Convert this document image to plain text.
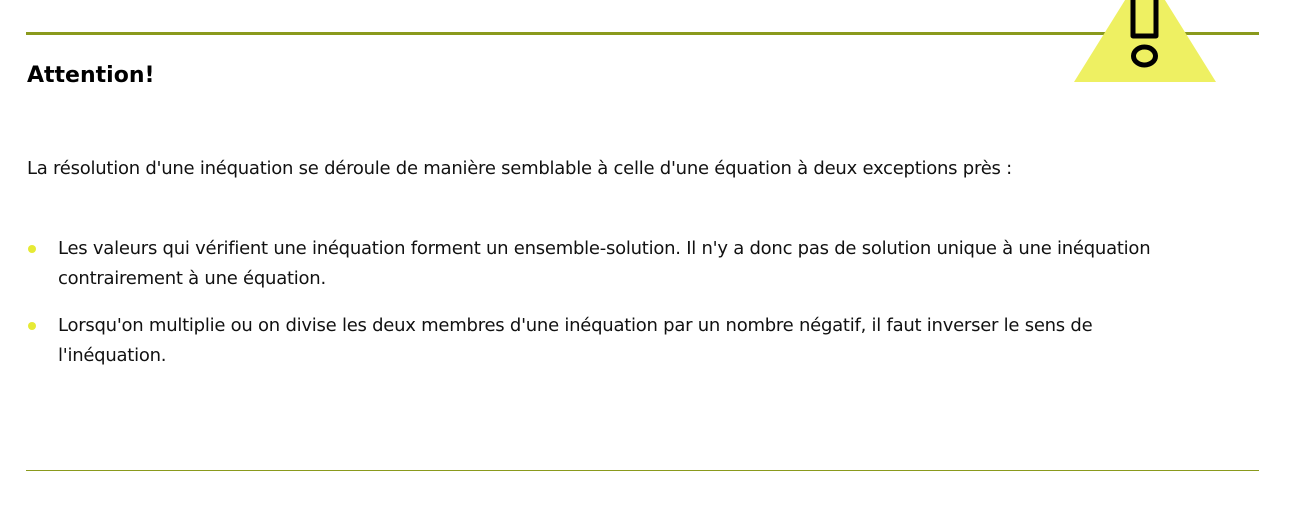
Attention!

La résolution d'une inéquation se déroule de manière semblable à celle d'une équation à deux exceptions près :

Les valeurs qui vérifient une inéquation forment un ensemble-solution. Il n'y a donc pas de solution unique à une inéquation
contrairement à une équation.
Lorsqu'on multiplie ou on divise les deux membres d'une inéquation par un nombre négatif, il faut inverser le sens de
l'inéquation.
